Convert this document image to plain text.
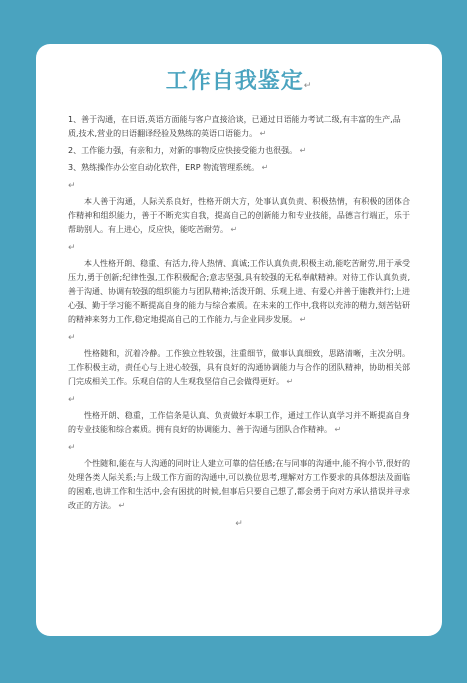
工作自我鉴定↵
1、善于沟通，在日语,英语方面能与客户直接洽谈，已通过日语能力考试二级,有丰富的生产,品质,技术,营业的日语翻译经验及熟练的英语口语能力。 ↵
2、工作能力强，有亲和力，对新的事物反应快接受能力也很强。 ↵
3、熟练操作办公室自动化软件，ERP 物流管理系统。 ↵
↵

本人善于沟通，人际关系良好，性格开朗大方，处事认真负责、积极热情，有积极的团体合作精神和组织能力，善于不断充实自我，提高自己的创新能力和专业技能，品德言行端正，乐于帮助别人。有上进心，反应快，能吃苦耐劳。 ↵

↵

本人性格开朗、稳重、有活力,待人热情、真诚;工作认真负责,积极主动,能吃苦耐劳,用于承受压力,勇于创新;纪律性强,工作积极配合;意志坚强,具有较强的无私奉献精神。对待工作认真负责,善于沟通、协调有较强的组织能力与团队精神;活泼开朗、乐观上进、有爱心并善于施教并行;上进心强、勤于学习能不断提高自身的能力与综合素质。在未来的工作中,我将以充沛的精力,刻苦钻研的精神来努力工作,稳定地提高自己的工作能力,与企业同步发展。 ↵

↵

性格随和，沉着冷静。工作独立性较强，注重细节，做事认真细致，思路清晰，主次分明。工作积极主动，责任心与上进心较强，具有良好的沟通协调能力与合作的团队精神，协助相关部门完成相关工作。乐观自信的人生观我坚信自己会做得更好。 ↵

↵

性格开朗、稳重，工作信条是认真、负责做好本职工作，通过工作认真学习并不断提高自身的专业技能和综合素质。拥有良好的协调能力、善于沟通与团队合作精神。 ↵

↵

个性随和,能在与人沟通的同时让人建立可靠的信任感;在与同事的沟通中,能不拘小节,很好的处理各类人际关系;与上级工作方面的沟通中,可以换位思考,理解对方工作要求的具体想法及面临的困难,也讲工作和生活中,会有困扰的时候,但事后只要自己想了,都会勇于向对方承认措误并寻求改正的方法。 ↵

↵
